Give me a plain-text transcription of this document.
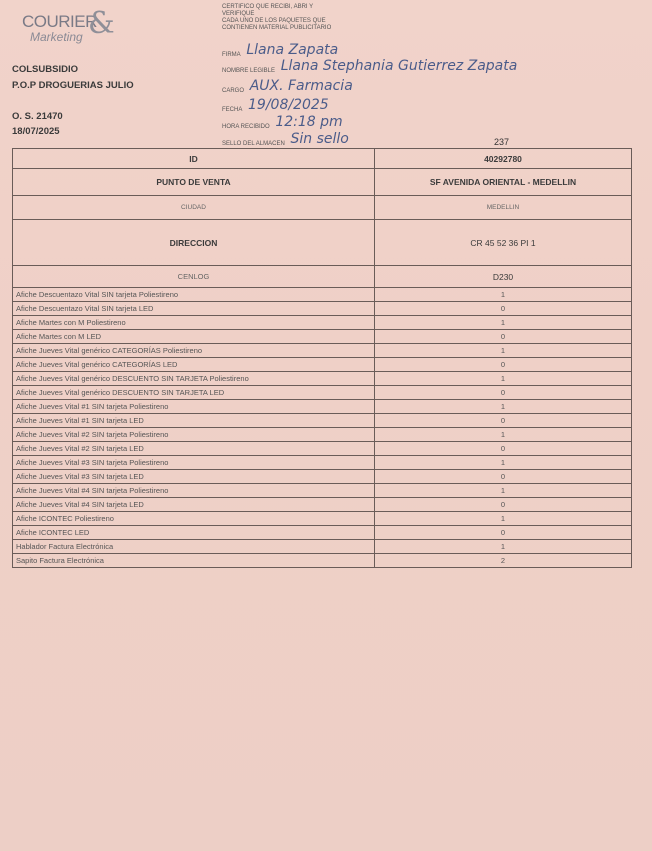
COURIER
Marketing &
COLSUBSIDIO
P.O.P DROGUERIAS JULIO
O. S. 21470
18/07/2025
CERTIFICO QUE RECIBI, ABRI Y
VERIFIQUE
CADA UNO DE LOS PAQUETES QUE
CONTIENEN MATERIAL PUBLICITARIO
FIRMA Llana Zapata
NOMBRE LEGIBLE Llana Stephania Gutierrez Zapata
CARGO AUX. Farmacia
FECHA 19/08/2025
HORA RECIBIDO 12:18 pm
SELLO DEL ALMACEN Sin sello	237
ID	40292780
PUNTO DE VENTA	SF AVENIDA ORIENTAL - MEDELLIN
CIUDAD	MEDELLIN
DIRECCION	CR 45 52 36 PI 1
CENLOG	D230
Afiche Descuentazo Vital SIN tarjeta Poliestireno	1
Afiche Descuentazo Vital SIN tarjeta LED	0
Afiche Martes con M Poliestireno	1
Afiche Martes con M LED	0
Afiche Jueves Vital genérico CATEGORÍAS Poliestireno	1
Afiche Jueves Vital genérico CATEGORÍAS LED	0
Afiche Jueves Vital genérico DESCUENTO SIN TARJETA Poliestireno	1
Afiche Jueves Vital genérico DESCUENTO SIN TARJETA LED	0
Afiche Jueves Vital #1 SIN tarjeta Poliestireno	1
Afiche Jueves Vital #1 SIN tarjeta LED	0
Afiche Jueves Vital #2 SIN tarjeta Poliestireno	1
Afiche Jueves Vital #2 SIN tarjeta LED	0
Afiche Jueves Vital #3 SIN tarjeta Poliestireno	1
Afiche Jueves Vital #3 SIN tarjeta LED	0
Afiche Jueves Vital #4 SIN tarjeta Poliestireno	1
Afiche Jueves Vital #4 SIN tarjeta LED	0
Afiche ICONTEC Poliestireno	1
Afiche ICONTEC LED	0
Hablador Factura Electrónica	1
Sapito Factura Electrónica	2
